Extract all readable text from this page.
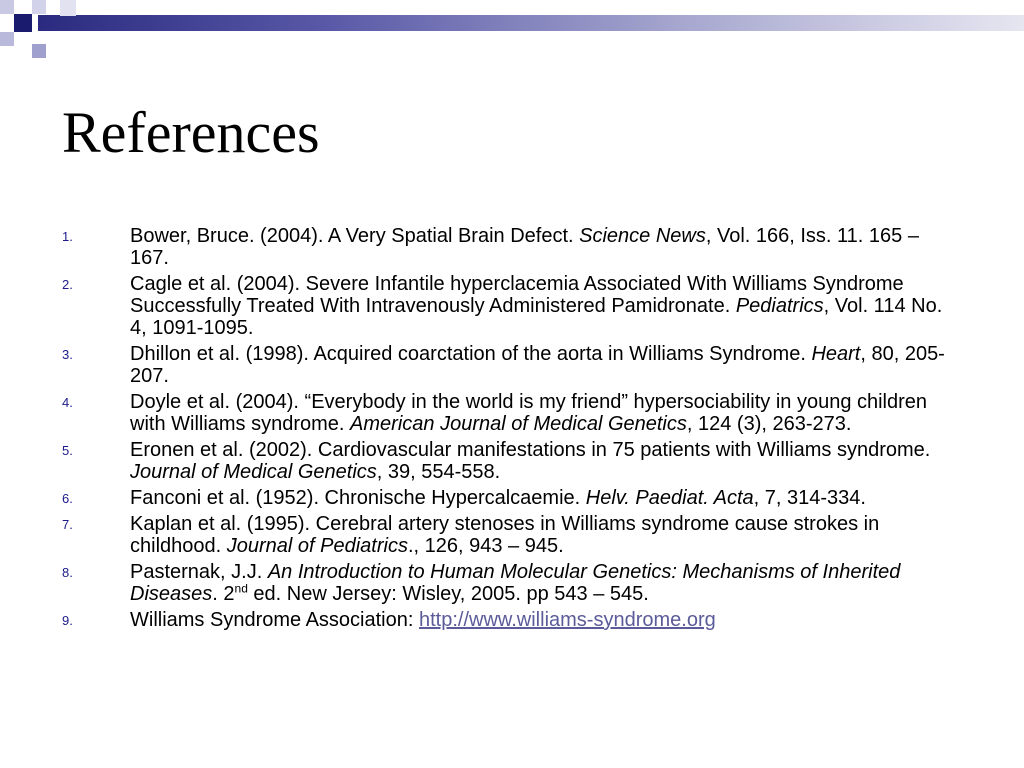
References
1.	Bower, Bruce. (2004). A Very Spatial Brain Defect. Science News, Vol. 166, Iss. 11. 165 – 167.
2.	Cagle et al. (2004). Severe Infantile hyperclacemia Associated With Williams Syndrome Successfully Treated With Intravenously Administered Pamidronate. Pediatrics, Vol. 114 No. 4, 1091-1095.
3.	Dhillon et al. (1998). Acquired coarctation of the aorta in Williams Syndrome. Heart, 80, 205-207.
4.	Doyle et al. (2004). “Everybody in the world is my friend” hypersociability in young children with Williams syndrome. American Journal of Medical Genetics, 124 (3), 263-273.
5.	Eronen et al. (2002). Cardiovascular manifestations in 75 patients with Williams syndrome. Journal of Medical Genetics, 39, 554-558.
6.	Fanconi et al. (1952). Chronische Hypercalcaemie. Helv. Paediat. Acta, 7, 314-334.
7.	Kaplan et al. (1995). Cerebral artery stenoses in Williams syndrome cause strokes in childhood. Journal of Pediatrics., 126, 943 – 945.
8.	Pasternak, J.J. An Introduction to Human Molecular Genetics: Mechanisms of Inherited Diseases. 2nd ed. New Jersey: Wisley, 2005. pp 543 – 545.
9.	Williams Syndrome Association: http://www.williams-syndrome.org
